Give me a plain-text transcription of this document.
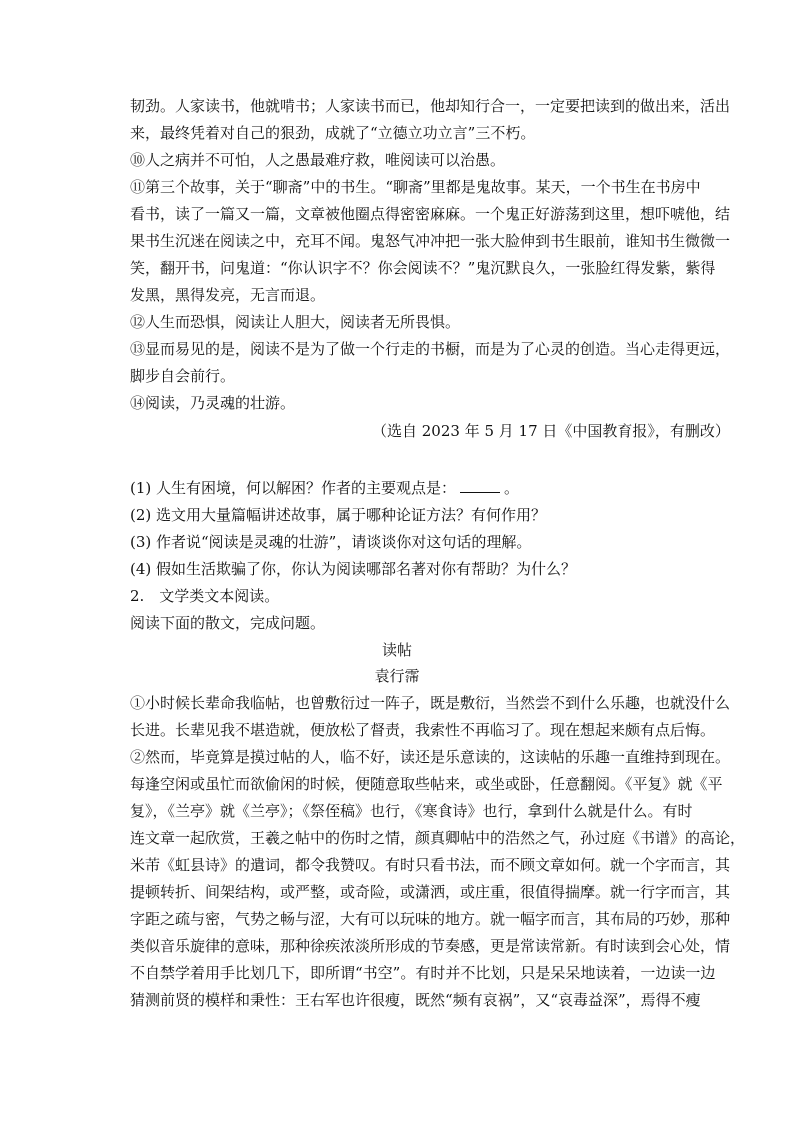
韧劲。人家读书，他就啃书；人家读书而已，他却知行合一，一定要把读到的做出来，活出
来，最终凭着对自己的狠劲，成就了“立德立功立言”三不朽。
⑩人之病并不可怕，人之愚最难疗救，唯阅读可以治愚。
⑪第三个故事，关于“聊斋”中的书生。“聊斋”里都是鬼故事。某天，一个书生在书房中
看书，读了一篇又一篇，文章被他圈点得密密麻麻。一个鬼正好游荡到这里，想吓唬他，结
果书生沉迷在阅读之中，充耳不闻。鬼怒气冲冲把一张大脸伸到书生眼前，谁知书生微微一
笑，翻开书，问鬼道：“你认识字不？你会阅读不？”鬼沉默良久，一张脸红得发紫，紫得
发黑，黑得发亮，无言而退。
⑫人生而恐惧，阅读让人胆大，阅读者无所畏惧。
⑬显而易见的是，阅读不是为了做一个行走的书橱，而是为了心灵的创造。当心走得更远，
脚步自会前行。
⑭阅读，乃灵魂的壮游。
（选自 2023 年 5 月 17 日《中国教育报》，有删改）
(1) 人生有困境，何以解困？作者的主要观点是：	。
(2) 选文用大量篇幅讲述故事，属于哪种论证方法？有何作用？
(3) 作者说“阅读是灵魂的壮游”，请谈谈你对这句话的理解。
(4) 假如生活欺骗了你，你认为阅读哪部名著对你有帮助？为什么？
2.　文学类文本阅读。
阅读下面的散文，完成问题。
读帖
袁行霈
①小时候长辈命我临帖，也曾敷衍过一阵子，既是敷衍，当然尝不到什么乐趣，也就没什么
长进。长辈见我不堪造就，便放松了督责，我索性不再临习了。现在想起来颇有点后悔。
②然而，毕竟算是摸过帖的人，临不好，读还是乐意读的，这读帖的乐趣一直维持到现在。
每逢空闲或虽忙而欲偷闲的时候，便随意取些帖来，或坐或卧，任意翻阅。《平复》就《平
复》，《兰亭》就《兰亭》；《祭侄稿》也行，《寒食诗》也行，拿到什么就是什么。有时
连文章一起欣赏，王羲之帖中的伤时之情，颜真卿帖中的浩然之气，孙过庭《书谱》的高论，
米芾《虹县诗》的遣词，都令我赞叹。有时只看书法，而不顾文章如何。就一个字而言，其
提顿转折、间架结构，或严整，或奇险，或潇洒，或庄重，很值得揣摩。就一行字而言，其
字距之疏与密，气势之畅与涩，大有可以玩味的地方。就一幅字而言，其布局的巧妙，那种
类似音乐旋律的意味，那种徐疾浓淡所形成的节奏感，更是常读常新。有时读到会心处，情
不自禁学着用手比划几下，即所谓“书空”。有时并不比划，只是呆呆地读着，一边读一边
猜测前贤的模样和秉性：王右军也许很瘦，既然“频有哀祸”，又“哀毒益深”，焉得不瘦
